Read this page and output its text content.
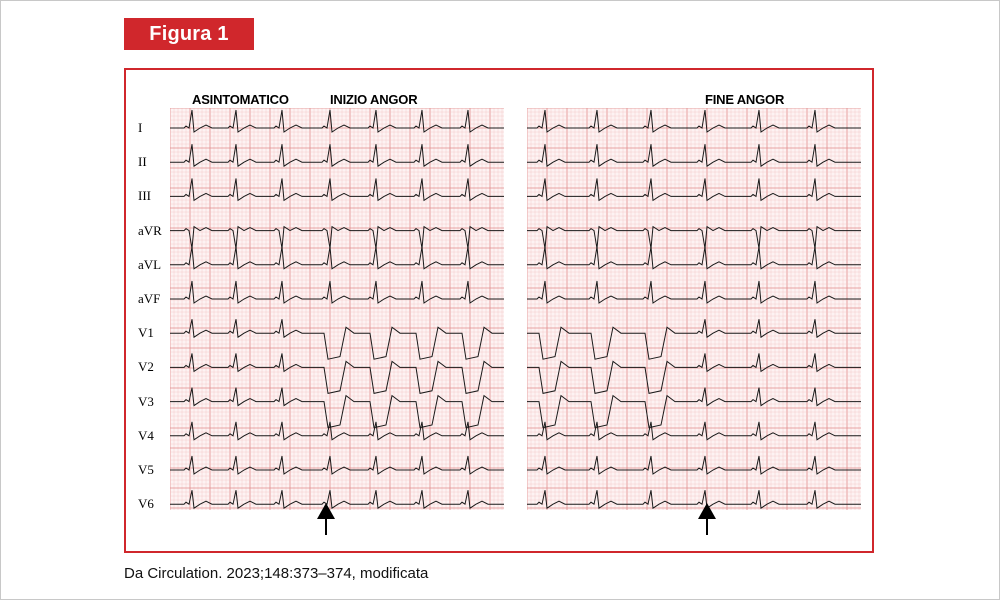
Figura 1
ASINTOMATICO	INIZIO ANGOR	FINE ANGOR
I
II
III
aVR
aVL
aVF
V1
V2
V3
V4
V5
V6
Da Circulation. 2023;148:373–374, modificata
